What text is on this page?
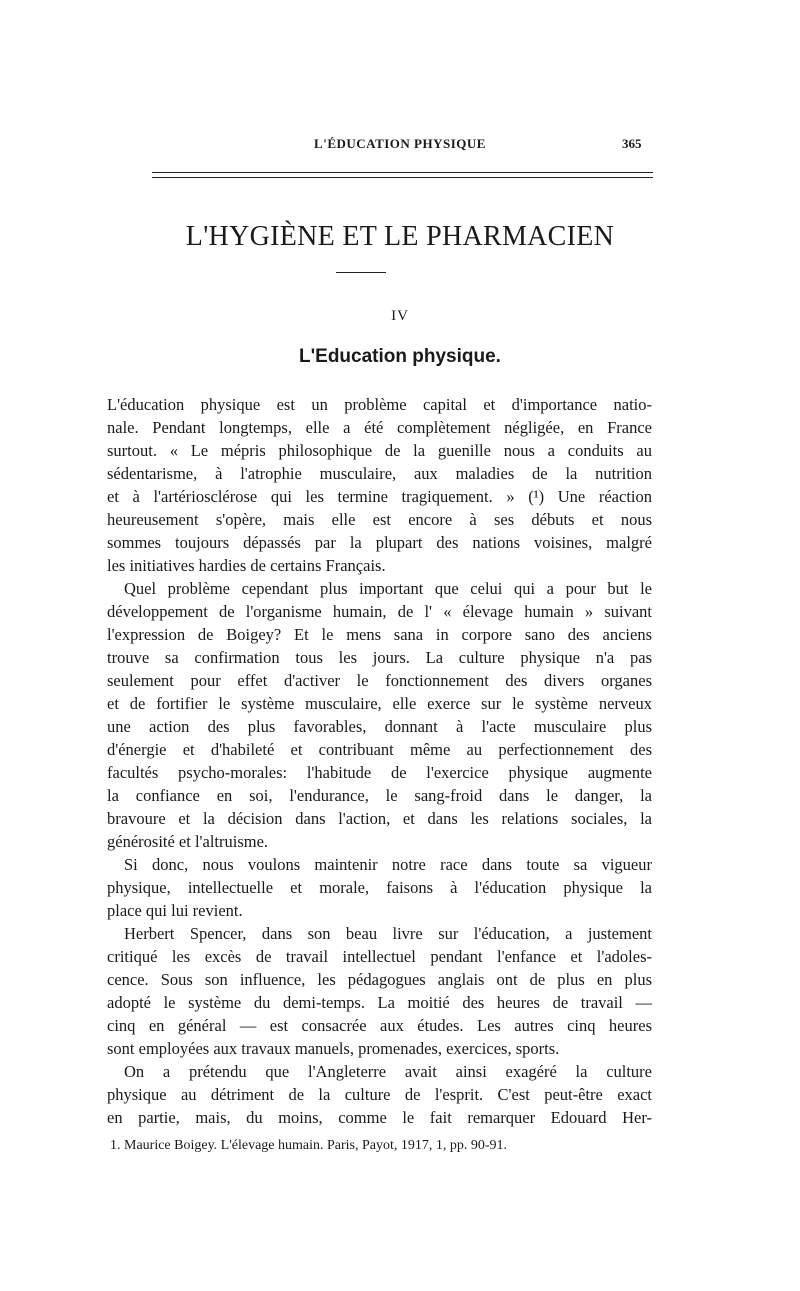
L'ÉDUCATION PHYSIQUE	365
L'HYGIÈNE ET LE PHARMACIEN
IV
L'Education physique.

L'éducation physique est un problème capital et d'importance natio-
nale. Pendant longtemps, elle a été complètement négligée, en France
surtout. « Le mépris philosophique de la guenille nous a conduits au
sédentarisme, à l'atrophie musculaire, aux maladies de la nutrition
et à l'artériosclérose qui les termine tragiquement. » (¹) Une réaction
heureusement s'opère, mais elle est encore à ses débuts et nous
sommes toujours dépassés par la plupart des nations voisines, malgré
les initiatives hardies de certains Français.

Quel problème cependant plus important que celui qui a pour but le
développement de l'organisme humain, de l' « élevage humain » suivant
l'expression de Boigey? Et le mens sana in corpore sano des anciens
trouve sa confirmation tous les jours. La culture physique n'a pas
seulement pour effet d'activer le fonctionnement des divers organes
et de fortifier le système musculaire, elle exerce sur le système nerveux
une action des plus favorables, donnant à l'acte musculaire plus
d'énergie et d'habileté et contribuant même au perfectionnement des
facultés psycho-morales: l'habitude de l'exercice physique augmente
la confiance en soi, l'endurance, le sang-froid dans le danger, la
bravoure et la décision dans l'action, et dans les relations sociales, la
générosité et l'altruisme.

Si donc, nous voulons maintenir notre race dans toute sa vigueur
physique, intellectuelle et morale, faisons à l'éducation physique la
place qui lui revient.

Herbert Spencer, dans son beau livre sur l'éducation, a justement
critiqué les excès de travail intellectuel pendant l'enfance et l'adoles-
cence. Sous son influence, les pédagogues anglais ont de plus en plus
adopté le système du demi-temps. La moitié des heures de travail —
cinq en général — est consacrée aux études. Les autres cinq heures
sont employées aux travaux manuels, promenades, exercices, sports.

On a prétendu que l'Angleterre avait ainsi exagéré la culture
physique au détriment de la culture de l'esprit. C'est peut-être exact
en partie, mais, du moins, comme le fait remarquer Edouard Her-

1. Maurice Boigey. L'élevage humain. Paris, Payot, 1917, 1, pp. 90-91.
